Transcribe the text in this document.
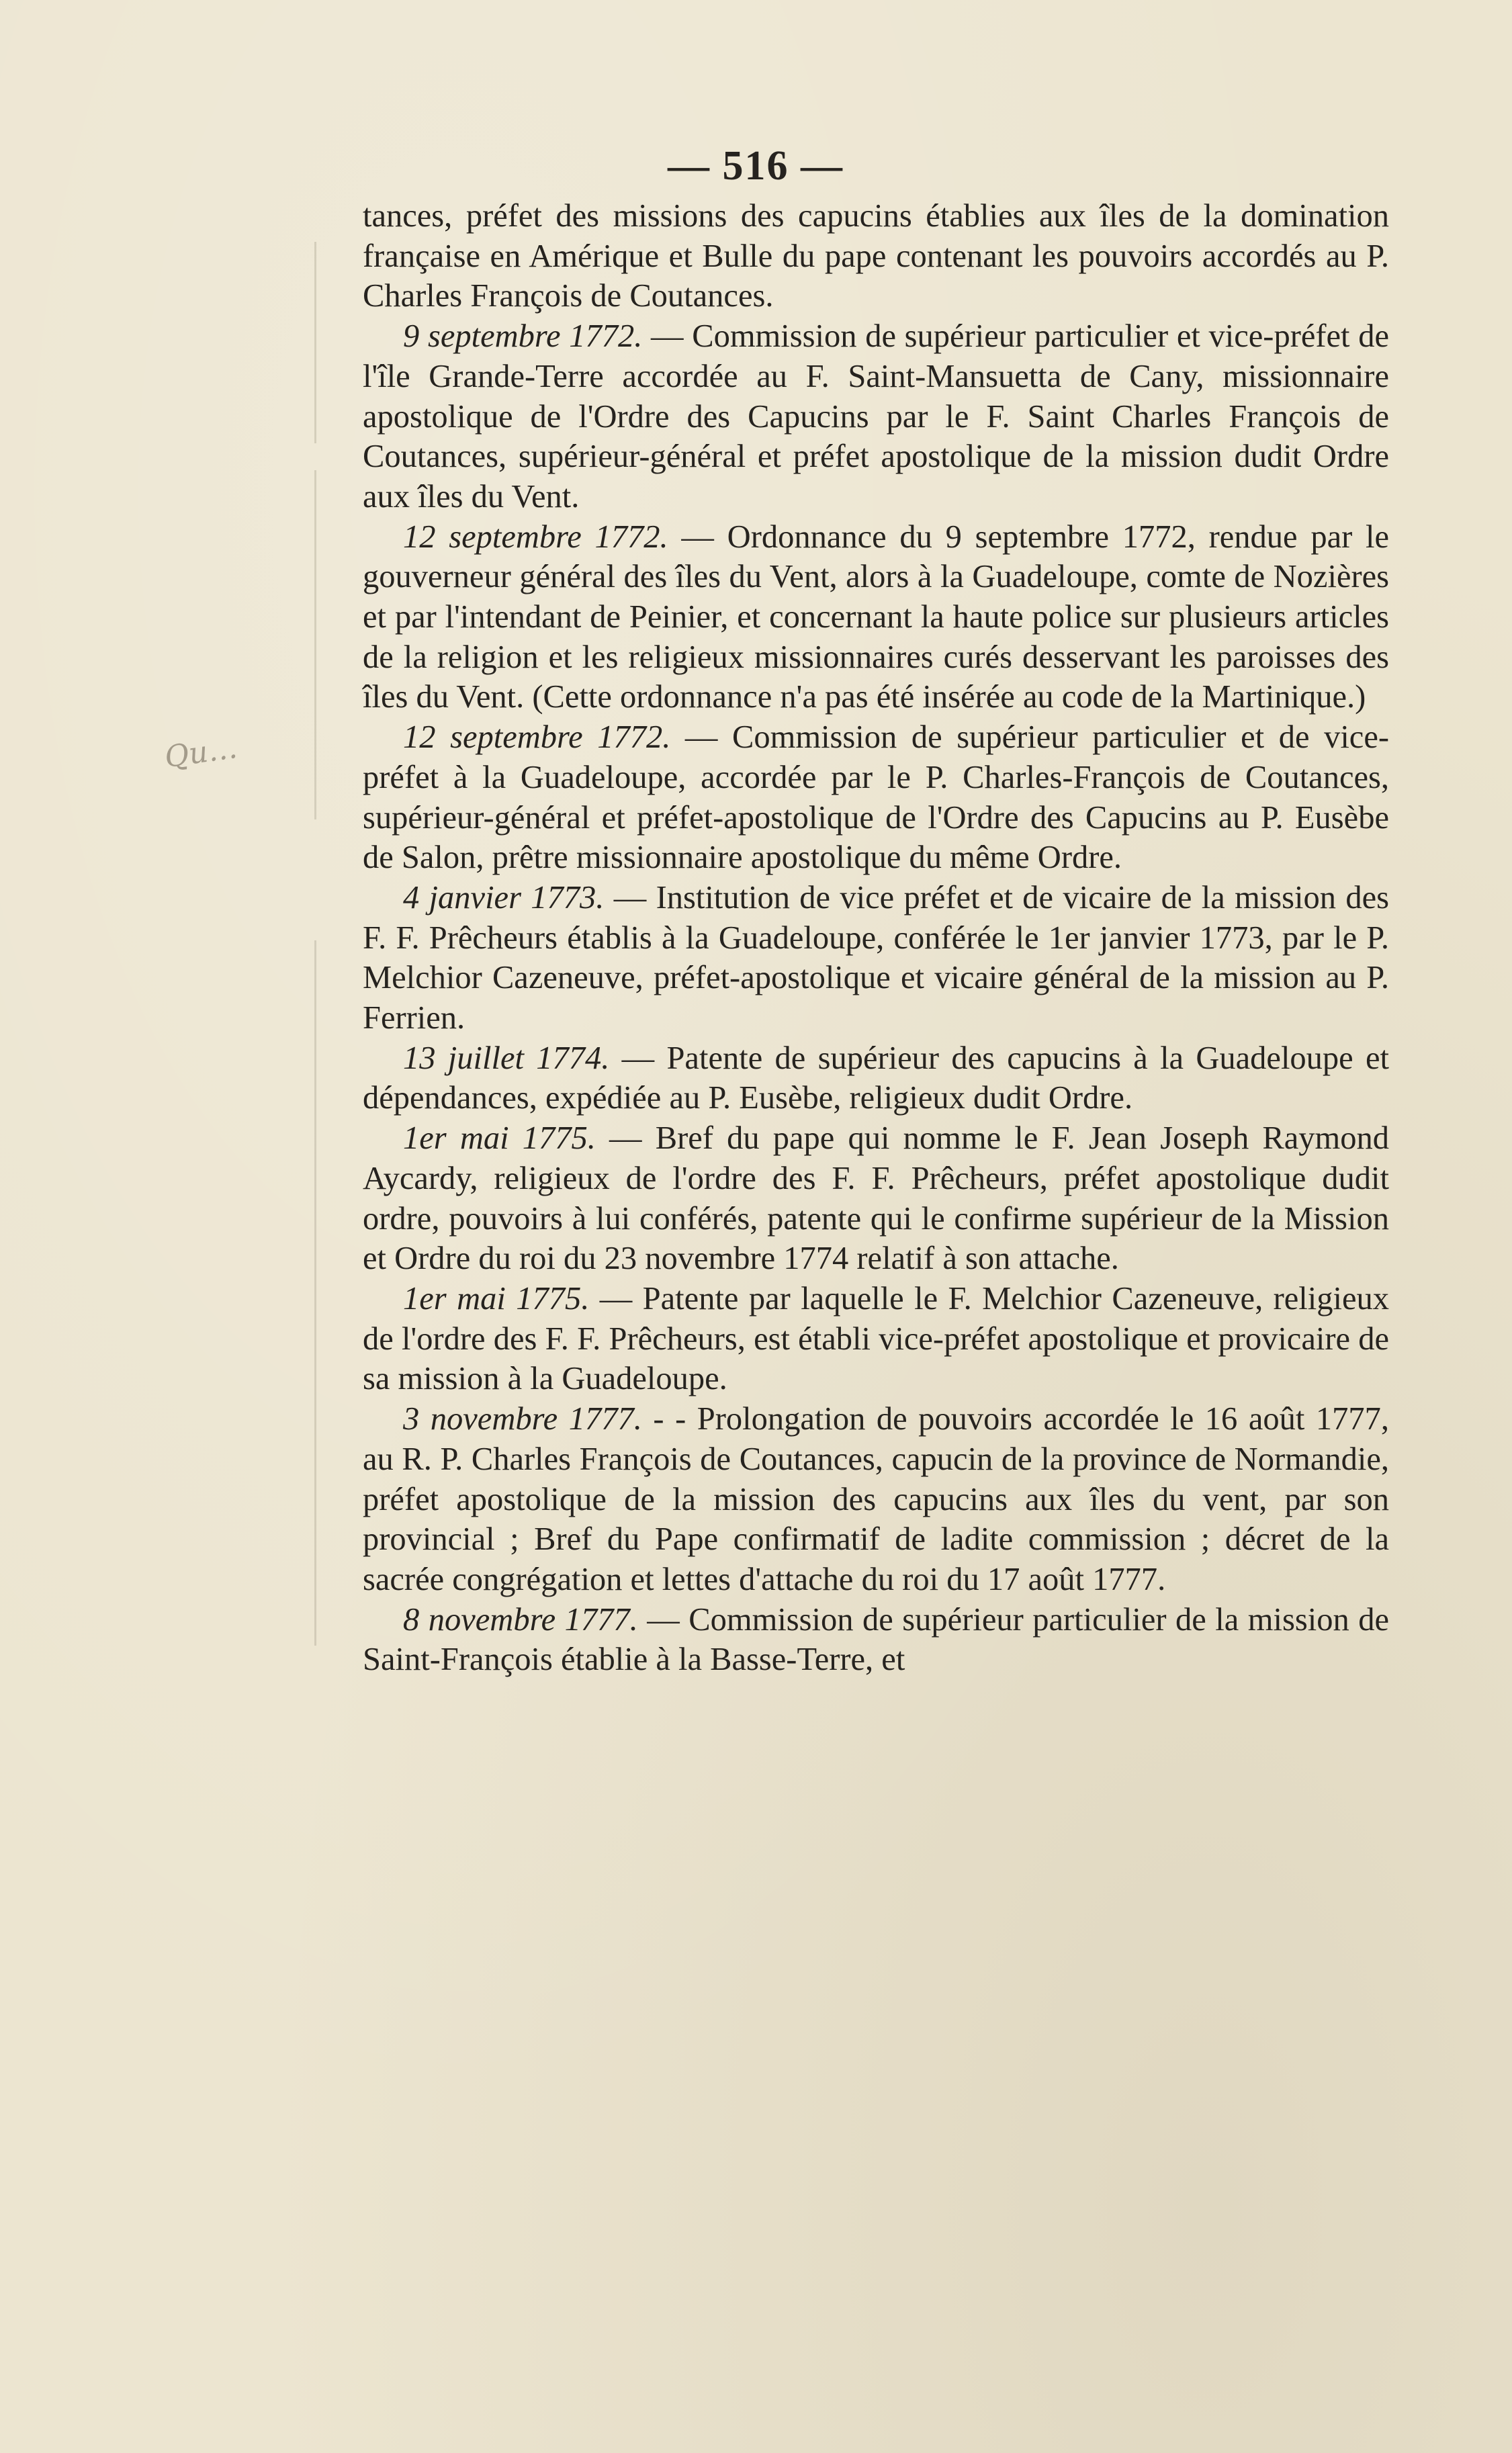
— 516 —
Qu…

tances, préfet des missions des capucins établies aux îles de la domination française en Amérique et Bulle du pape contenant les pouvoirs accordés au P. Charles François de Coutances.

9 septembre 1772. — Commission de supérieur particulier et vice-préfet de l'île Grande-Terre accordée au F. Saint-Mansuetta de Cany, missionnaire apostolique de l'Ordre des Capucins par le F. Saint Charles François de Coutances, supérieur-général et préfet apostolique de la mission dudit Ordre aux îles du Vent.

12 septembre 1772. — Ordonnance du 9 septembre 1772, rendue par le gouverneur général des îles du Vent, alors à la Guadeloupe, comte de Nozières et par l'intendant de Peinier, et concernant la haute police sur plusieurs articles de la religion et les religieux missionnaires curés desservant les paroisses des îles du Vent. (Cette ordonnance n'a pas été insérée au code de la Martinique.)

12 septembre 1772. — Commission de supérieur particulier et de vice-préfet à la Guadeloupe, accordée par le P. Charles-François de Coutances, supérieur-général et préfet-apostolique de l'Ordre des Capucins au P. Eusèbe de Salon, prêtre missionnaire apostolique du même Ordre.

4 janvier 1773. — Institution de vice préfet et de vicaire de la mission des F. F. Prêcheurs établis à la Guadeloupe, conférée le 1er janvier 1773, par le P. Melchior Cazeneuve, préfet-apostolique et vicaire général de la mission au P. Ferrien.

13 juillet 1774. — Patente de supérieur des capucins à la Guadeloupe et dépendances, expédiée au P. Eusèbe, religieux dudit Ordre.

1er mai 1775. — Bref du pape qui nomme le F. Jean Joseph Raymond Aycardy, religieux de l'ordre des F. F. Prêcheurs, préfet apostolique dudit ordre, pouvoirs à lui conférés, patente qui le confirme supérieur de la Mission et Ordre du roi du 23 novembre 1774 relatif à son attache.

1er mai 1775. — Patente par laquelle le F. Melchior Cazeneuve, religieux de l'ordre des F. F. Prêcheurs, est établi vice-préfet apostolique et provicaire de sa mission à la Guadeloupe.

3 novembre 1777. - - Prolongation de pouvoirs accordée le 16 août 1777, au R. P. Charles François de Coutances, capucin de la province de Normandie, préfet apostolique de la mission des capucins aux îles du vent, par son provincial ; Bref du Pape confirmatif de ladite commission ; décret de la sacrée congrégation et lettes d'attache du roi du 17 août 1777.

8 novembre 1777. — Commission de supérieur particulier de la mission de Saint-François établie à la Basse-Terre, et
